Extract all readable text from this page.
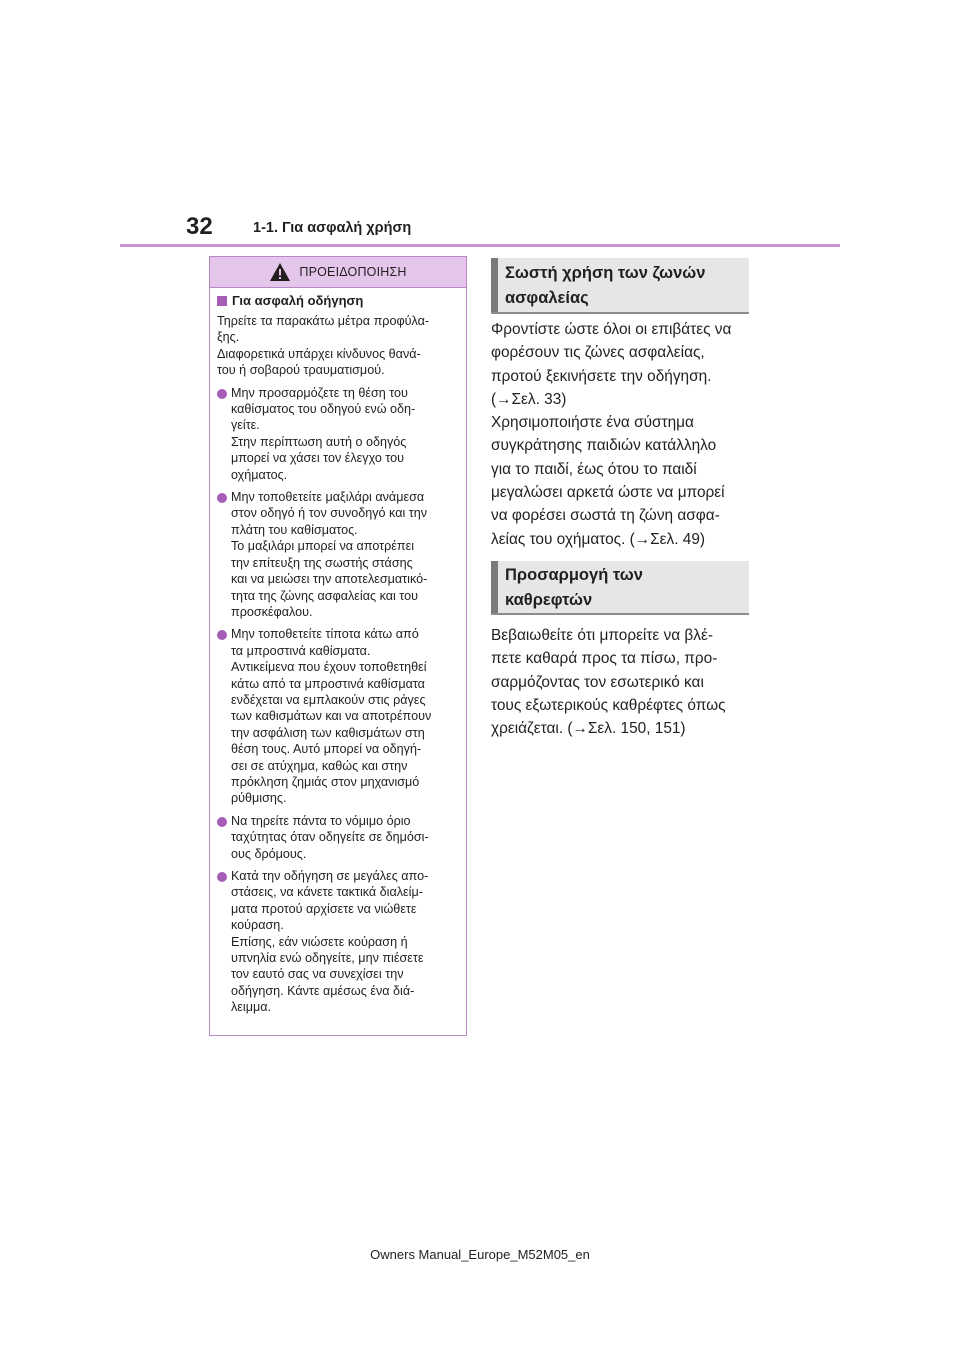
32	1-1. Για ασφαλή χρήση
ΠΡΟΕΙΔΟΠΟΙΗΣΗ
Για ασφαλή οδήγηση
Τηρείτε τα παρακάτω μέτρα προφύλα-
ξης.
Διαφορετικά υπάρχει κίνδυνος θανά-
του ή σοβαρού τραυματισμού.
Μην προσαρμόζετε τη θέση του
καθίσματος του οδηγού ενώ οδη-
γείτε.
Στην περίπτωση αυτή ο οδηγός
μπορεί να χάσει τον έλεγχο του
οχήματος.
Μην τοποθετείτε μαξιλάρι ανάμεσα
στον οδηγό ή τον συνοδηγό και την
πλάτη του καθίσματος.
Το μαξιλάρι μπορεί να αποτρέπει
την επίτευξη της σωστής στάσης
και να μειώσει την αποτελεσματικό-
τητα της ζώνης ασφαλείας και του
προσκέφαλου.
Μην τοποθετείτε τίποτα κάτω από
τα μπροστινά καθίσματα.
Αντικείμενα που έχουν τοποθετηθεί
κάτω από τα μπροστινά καθίσματα
ενδέχεται να εμπλακούν στις ράγες
των καθισμάτων και να αποτρέπουν
την ασφάλιση των καθισμάτων στη
θέση τους. Αυτό μπορεί να οδηγή-
σει σε ατύχημα, καθώς και στην
πρόκληση ζημιάς στον μηχανισμό
ρύθμισης.
Να τηρείτε πάντα το νόμιμο όριο
ταχύτητας όταν οδηγείτε σε δημόσι-
ους δρόμους.
Κατά την οδήγηση σε μεγάλες απο-
στάσεις, να κάνετε τακτικά διαλείμ-
ματα προτού αρχίσετε να νιώθετε
κούραση.
Επίσης, εάν νιώσετε κούραση ή
υπνηλία ενώ οδηγείτε, μην πιέσετε
τον εαυτό σας να συνεχίσει την
οδήγηση. Κάντε αμέσως ένα διά-
λειμμα.
Σωστή χρήση των ζωνών
ασφαλείας
Φροντίστε ώστε όλοι οι επιβάτες να
φορέσουν τις ζώνες ασφαλείας,
προτού ξεκινήσετε την οδήγηση.
(→Σελ. 33)
Χρησιμοποιήστε ένα σύστημα
συγκράτησης παιδιών κατάλληλο
για το παιδί, έως ότου το παιδί
μεγαλώσει αρκετά ώστε να μπορεί
να φορέσει σωστά τη ζώνη ασφα-
λείας του οχήματος. (→Σελ. 49)
Προσαρμογή των
καθρεφτών
Βεβαιωθείτε ότι μπορείτε να βλέ-
πετε καθαρά προς τα πίσω, προ-
σαρμόζοντας τον εσωτερικό και
τους εξωτερικούς καθρέφτες όπως
χρειάζεται. (→Σελ. 150, 151)
Owners Manual_Europe_M52M05_en
